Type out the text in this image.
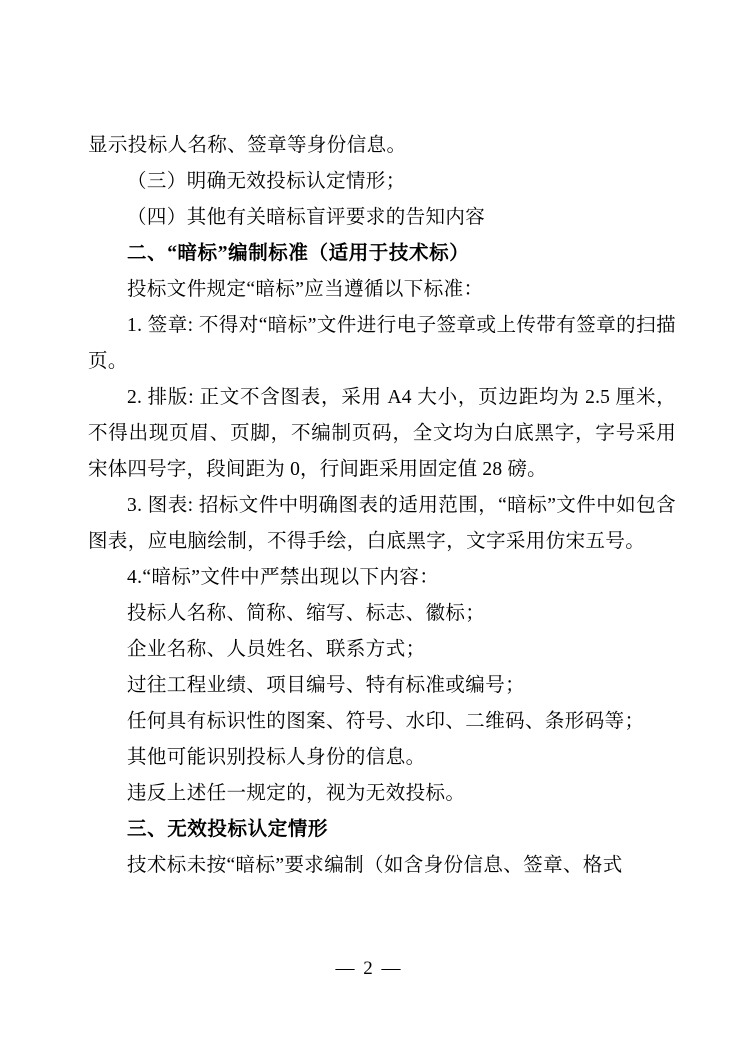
显示投标人名称、签章等身份信息。

（三）明确无效投标认定情形；

（四）其他有关暗标盲评要求的告知内容

二、“暗标”编制标准（适用于技术标）

投标文件规定“暗标”应当遵循以下标准：

1. 签章: 不得对“暗标”文件进行电子签章或上传带有签章的扫描页。

2. 排版: 正文不含图表，采用 A4 大小，页边距均为 2.5 厘米，不得出现页眉、页脚，不编制页码，全文均为白底黑字，字号采用宋体四号字，段间距为 0，行间距采用固定值 28 磅。

3. 图表: 招标文件中明确图表的适用范围，“暗标”文件中如包含图表，应电脑绘制，不得手绘，白底黑字，文字采用仿宋五号。

4.“暗标”文件中严禁出现以下内容：

投标人名称、简称、缩写、标志、徽标；

企业名称、人员姓名、联系方式；

过往工程业绩、项目编号、特有标准或编号；

任何具有标识性的图案、符号、水印、二维码、条形码等；

其他可能识别投标人身份的信息。

违反上述任一规定的，视为无效投标。

三、无效投标认定情形

技术标未按“暗标”要求编制（如含身份信息、签章、格式

— 2 —
